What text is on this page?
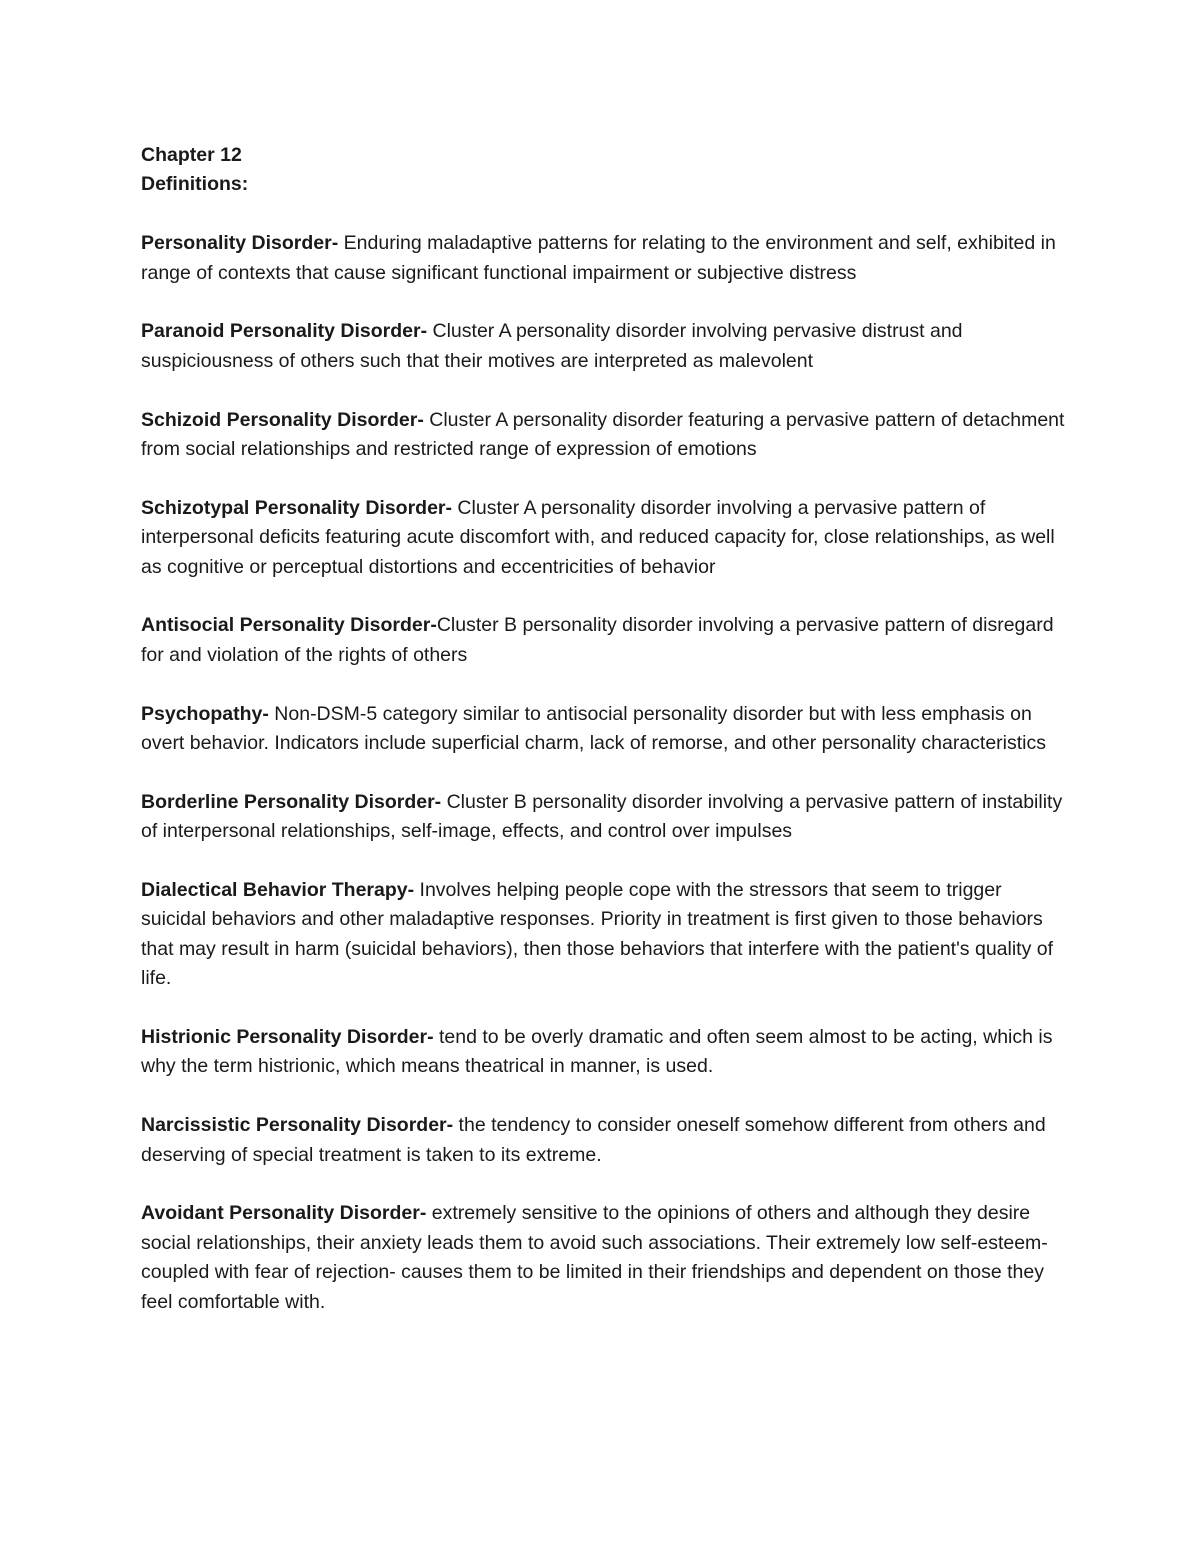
Chapter 12

Definitions:

Personality Disorder- Enduring maladaptive patterns for relating to the environment and self, exhibited in range of contexts that cause significant functional impairment or subjective distress

Paranoid Personality Disorder- Cluster A personality disorder involving pervasive distrust and suspiciousness of others such that their motives are interpreted as malevolent

Schizoid Personality Disorder- Cluster A personality disorder featuring a pervasive pattern of detachment from social relationships and restricted range of expression of emotions

Schizotypal Personality Disorder- Cluster A personality disorder involving a pervasive pattern of interpersonal deficits featuring acute discomfort with, and reduced capacity for, close relationships, as well as cognitive or perceptual distortions and eccentricities of behavior

Antisocial Personality Disorder-Cluster B personality disorder involving a pervasive pattern of disregard for and violation of the rights of others

Psychopathy- Non-DSM-5 category similar to antisocial personality disorder but with less emphasis on overt behavior. Indicators include superficial charm, lack of remorse, and other personality characteristics

Borderline Personality Disorder- Cluster B personality disorder involving a pervasive pattern of instability of interpersonal relationships, self-image, effects, and control over impulses

Dialectical Behavior Therapy- Involves helping people cope with the stressors that seem to trigger suicidal behaviors and other maladaptive responses. Priority in treatment is first given to those behaviors that may result in harm (suicidal behaviors), then those behaviors that interfere with the patient's quality of life.

Histrionic Personality Disorder- tend to be overly dramatic and often seem almost to be acting, which is why the term histrionic, which means theatrical in manner, is used.

Narcissistic Personality Disorder- the tendency to consider oneself somehow different from others and deserving of special treatment is taken to its extreme.

Avoidant Personality Disorder- extremely sensitive to the opinions of others and although they desire social relationships, their anxiety leads them to avoid such associations. Their extremely low self-esteem- coupled with fear of rejection- causes them to be limited in their friendships and dependent on those they feel comfortable with.
